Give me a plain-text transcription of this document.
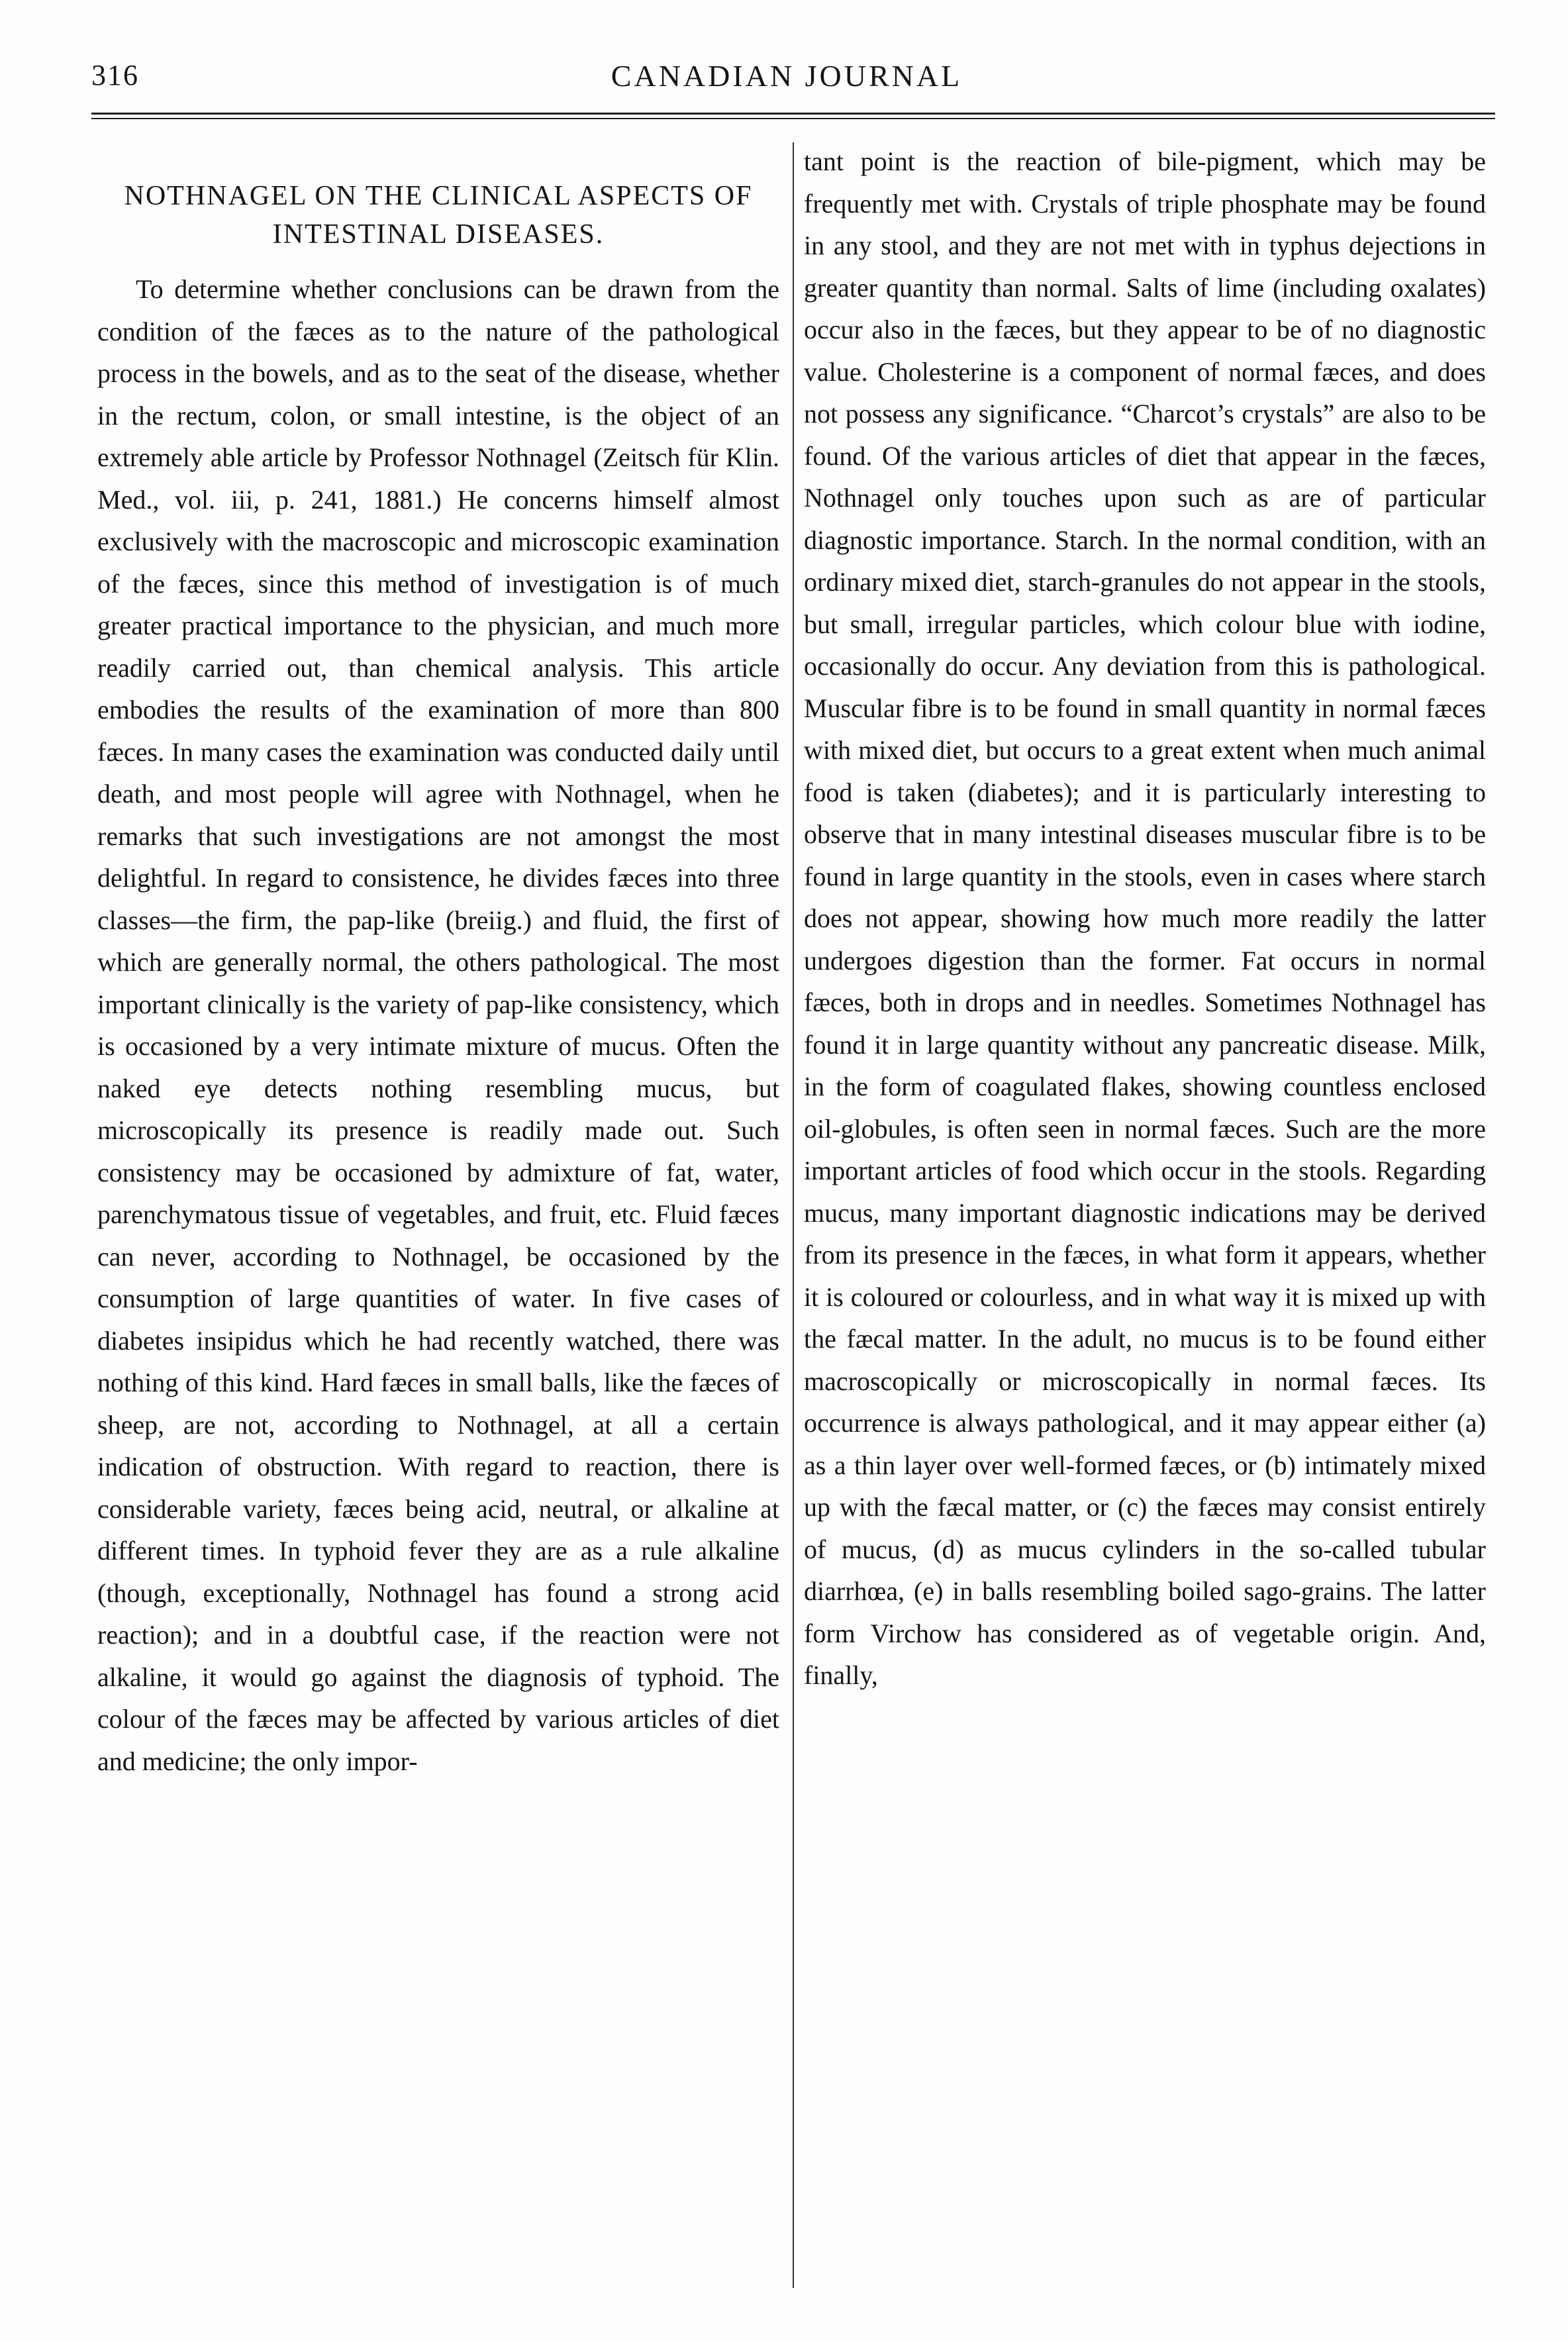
316	CANADIAN JOURNAL
NOTHNAGEL ON THE CLINICAL ASPECTS OF INTESTINAL DISEASES.

To determine whether conclusions can be drawn from the condition of the fæces as to the nature of the pathological process in the bowels, and as to the seat of the disease, whether in the rectum, colon, or small intestine, is the object of an extremely able article by Professor Nothnagel (Zeitsch für Klin. Med., vol. iii, p. 241, 1881.) He concerns himself almost exclusively with the macroscopic and microscopic examination of the fæces, since this method of investigation is of much greater practical importance to the physician, and much more readily carried out, than chemical analysis. This article embodies the results of the examination of more than 800 fæces. In many cases the examination was conducted daily until death, and most people will agree with Nothnagel, when he remarks that such investigations are not amongst the most delightful. In regard to consistence, he divides fæces into three classes—the firm, the pap-like (breiig.) and fluid, the first of which are generally normal, the others pathological. The most important clinically is the variety of pap-like consistency, which is occasioned by a very intimate mixture of mucus. Often the naked eye detects nothing resembling mucus, but microscopically its presence is readily made out. Such consistency may be occasioned by admixture of fat, water, parenchymatous tissue of vegetables, and fruit, etc. Fluid fæces can never, according to Nothnagel, be occasioned by the consumption of large quantities of water. In five cases of diabetes insipidus which he had recently watched, there was nothing of this kind. Hard fæces in small balls, like the fæces of sheep, are not, according to Nothnagel, at all a certain indication of obstruction. With regard to reaction, there is considerable variety, fæces being acid, neutral, or alkaline at different times. In typhoid fever they are as a rule alkaline (though, exceptionally, Nothnagel has found a strong acid reaction); and in a doubtful case, if the reaction were not alkaline, it would go against the diagnosis of typhoid. The colour of the fæces may be affected by various articles of diet and medicine; the only impor-

tant point is the reaction of bile-pigment, which may be frequently met with. Crystals of triple phosphate may be found in any stool, and they are not met with in typhus dejections in greater quantity than normal. Salts of lime (including oxalates) occur also in the fæces, but they appear to be of no diagnostic value. Cholesterine is a component of normal fæces, and does not possess any significance. “Charcot’s crystals” are also to be found. Of the various articles of diet that appear in the fæces, Nothnagel only touches upon such as are of particular diagnostic importance. Starch. In the normal condition, with an ordinary mixed diet, starch-granules do not appear in the stools, but small, irregular particles, which colour blue with iodine, occasionally do occur. Any deviation from this is pathological. Muscular fibre is to be found in small quantity in normal fæces with mixed diet, but occurs to a great extent when much animal food is taken (diabetes); and it is particularly interesting to observe that in many intestinal diseases muscular fibre is to be found in large quantity in the stools, even in cases where starch does not appear, showing how much more readily the latter undergoes digestion than the former. Fat occurs in normal fæces, both in drops and in needles. Sometimes Nothnagel has found it in large quantity without any pancreatic disease. Milk, in the form of coagulated flakes, showing countless enclosed oil-globules, is often seen in normal fæces. Such are the more important articles of food which occur in the stools. Regarding mucus, many important diagnostic indications may be derived from its presence in the fæces, in what form it appears, whether it is coloured or colourless, and in what way it is mixed up with the fæcal matter. In the adult, no mucus is to be found either macroscopically or microscopically in normal fæces. Its occurrence is always pathological, and it may appear either (a) as a thin layer over well-formed fæces, or (b) intimately mixed up with the fæcal matter, or (c) the fæces may consist entirely of mucus, (d) as mucus cylinders in the so-called tubular diarrhœa, (e) in balls resembling boiled sago-grains. The latter form Virchow has considered as of vegetable origin. And, finally,
